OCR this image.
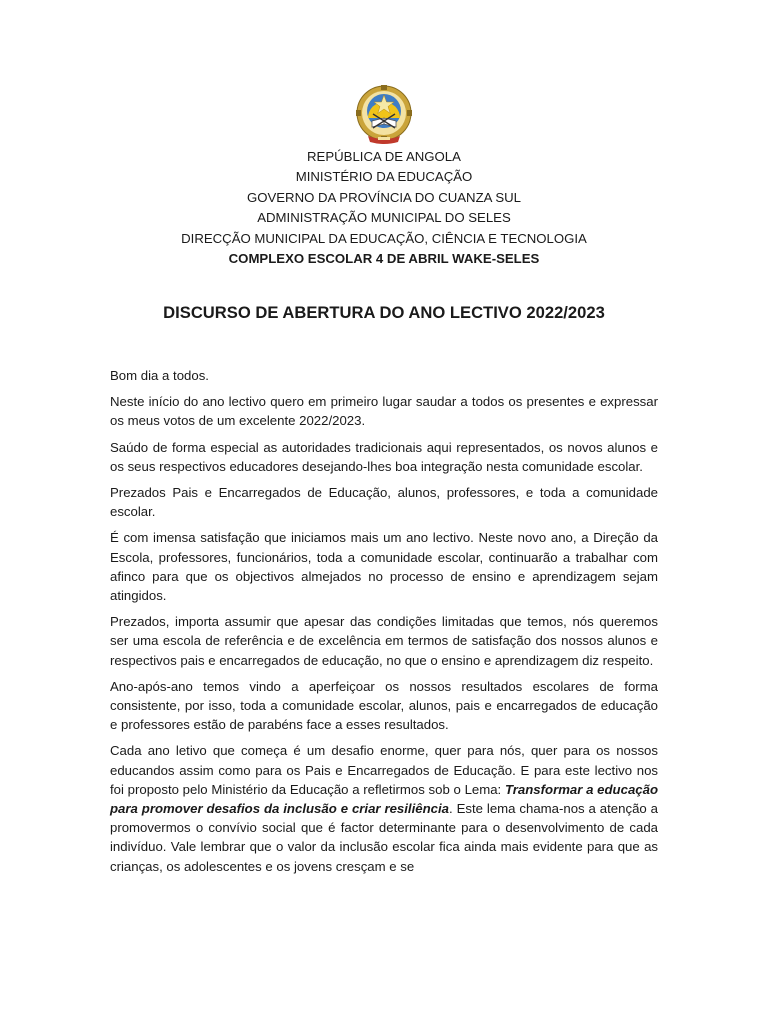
REPÚBLICA DE ANGOLA
MINISTÉRIO DA EDUCAÇÃO
GOVERNO DA PROVÍNCIA DO CUANZA SUL
ADMINISTRAÇÃO MUNICIPAL DO SELES
DIRECÇÃO MUNICIPAL DA EDUCAÇÃO, CIÊNCIA E TECNOLOGIA
COMPLEXO ESCOLAR 4 DE ABRIL WAKE-SELES
DISCURSO DE ABERTURA DO ANO LECTIVO 2022/2023

Bom dia a todos.

Neste início do ano lectivo quero em primeiro lugar saudar a todos os presentes e expressar os meus votos de um excelente 2022/2023.

Saúdo de forma especial as autoridades tradicionais aqui representados, os novos alunos e os seus respectivos educadores desejando-lhes boa integração nesta comunidade escolar.

Prezados Pais e Encarregados de Educação, alunos, professores, e toda a comunidade escolar.

É com imensa satisfação que iniciamos mais um ano lectivo. Neste novo ano, a Direção da Escola, professores, funcionários, toda a comunidade escolar, continuarão a trabalhar com afinco para que os objectivos almejados no processo de ensino e aprendizagem sejam atingidos.

Prezados, importa assumir que apesar das condições limitadas que temos, nós queremos ser uma escola de referência e de excelência em termos de satisfação dos nossos alunos e respectivos pais e encarregados de educação, no que o ensino e aprendizagem diz respeito.

Ano-após-ano temos vindo a aperfeiçoar os nossos resultados escolares de forma consistente, por isso, toda a comunidade escolar, alunos, pais e encarregados de educação e professores estão de parabéns face a esses resultados.

Cada ano letivo que começa é um desafio enorme, quer para nós, quer para os nossos educandos assim como para os Pais e Encarregados de Educação. E para este lectivo nos foi proposto pelo Ministério da Educação a refletirmos sob o Lema: Transformar a educação para promover desafios da inclusão e criar resiliência. Este lema chama-nos a atenção a promovermos o convívio social que é factor determinante para o desenvolvimento de cada indivíduo. Vale lembrar que o valor da inclusão escolar fica ainda mais evidente para que as crianças, os adolescentes e os jovens cresçam e se
